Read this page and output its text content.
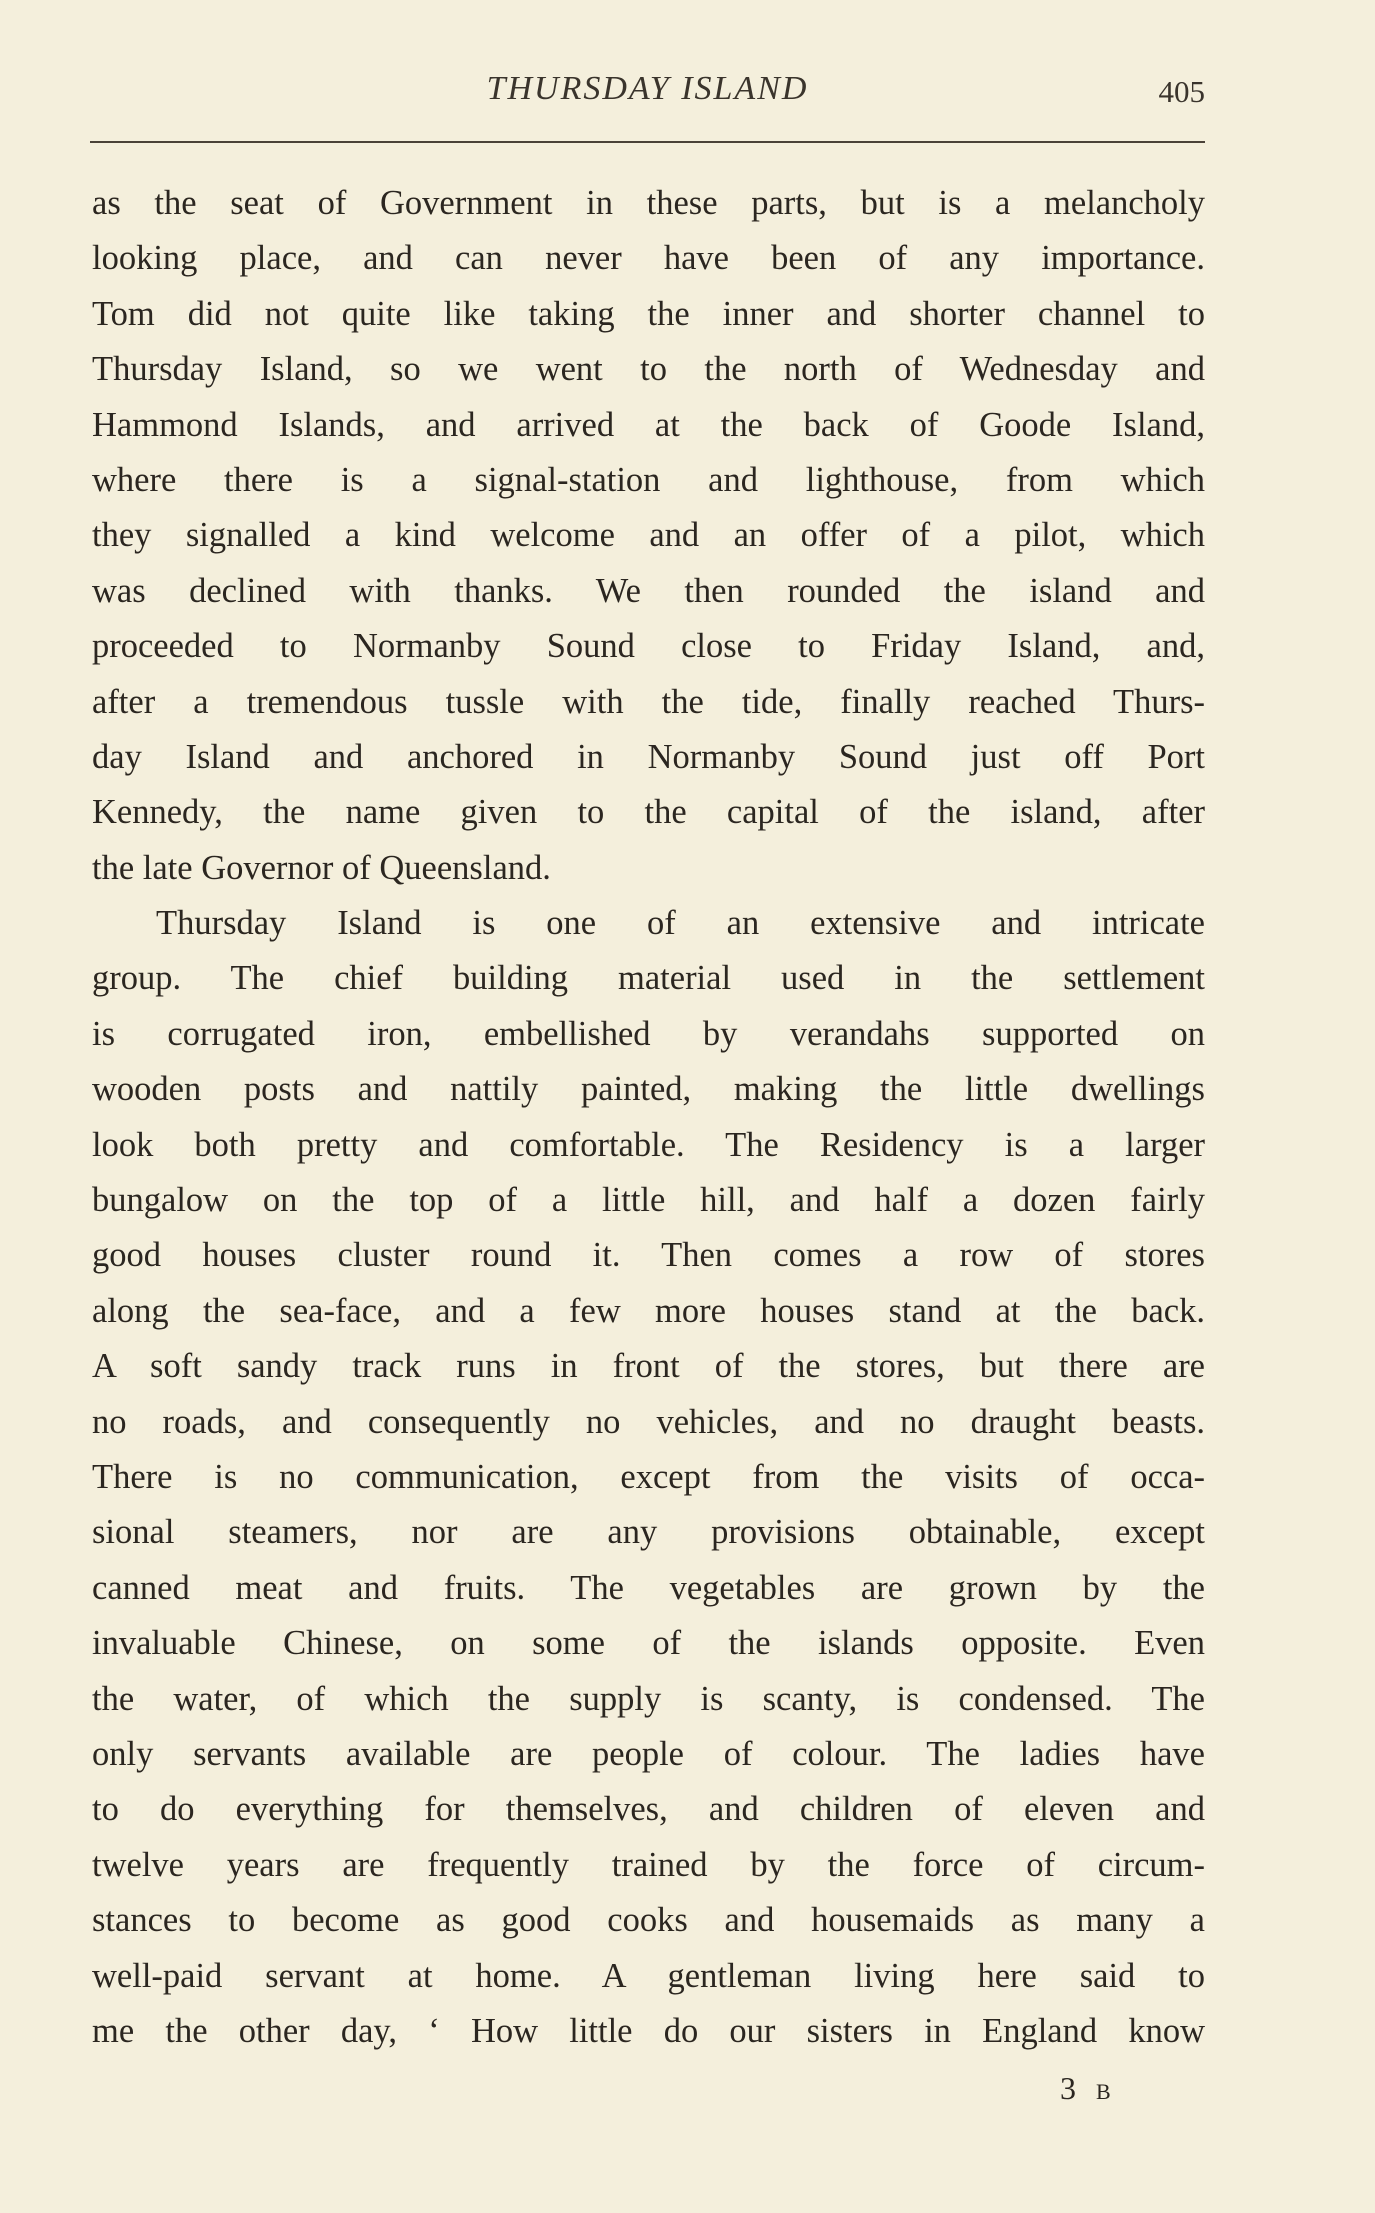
THURSDAY ISLAND	405
as the seat of Government in these parts, but is a melancholy
looking place, and can never have been of any importance.
Tom did not quite like taking the inner and shorter channel to
Thursday Island, so we went to the north of Wednesday and
Hammond Islands, and arrived at the back of Goode Island,
where there is a signal-station and lighthouse, from which
they signalled a kind welcome and an offer of a pilot, which
was declined with thanks. We then rounded the island and
proceeded to Normanby Sound close to Friday Island, and,
after a tremendous tussle with the tide, finally reached Thurs-
day Island and anchored in Normanby Sound just off Port
Kennedy, the name given to the capital of the island, after
the late Governor of Queensland.
Thursday Island is one of an extensive and intricate
group. The chief building material used in the settlement
is corrugated iron, embellished by verandahs supported on
wooden posts and nattily painted, making the little dwellings
look both pretty and comfortable. The Residency is a larger
bungalow on the top of a little hill, and half a dozen fairly
good houses cluster round it. Then comes a row of stores
along the sea-face, and a few more houses stand at the back.
A soft sandy track runs in front of the stores, but there are
no roads, and consequently no vehicles, and no draught beasts.
There is no communication, except from the visits of occa-
sional steamers, nor are any provisions obtainable, except
canned meat and fruits. The vegetables are grown by the
invaluable Chinese, on some of the islands opposite. Even
the water, of which the supply is scanty, is condensed. The
only servants available are people of colour. The ladies have
to do everything for themselves, and children of eleven and
twelve years are frequently trained by the force of circum-
stances to become as good cooks and housemaids as many a
well-paid servant at home. A gentleman living here said to
me the other day, ‘ How little do our sisters in England know
3 B
